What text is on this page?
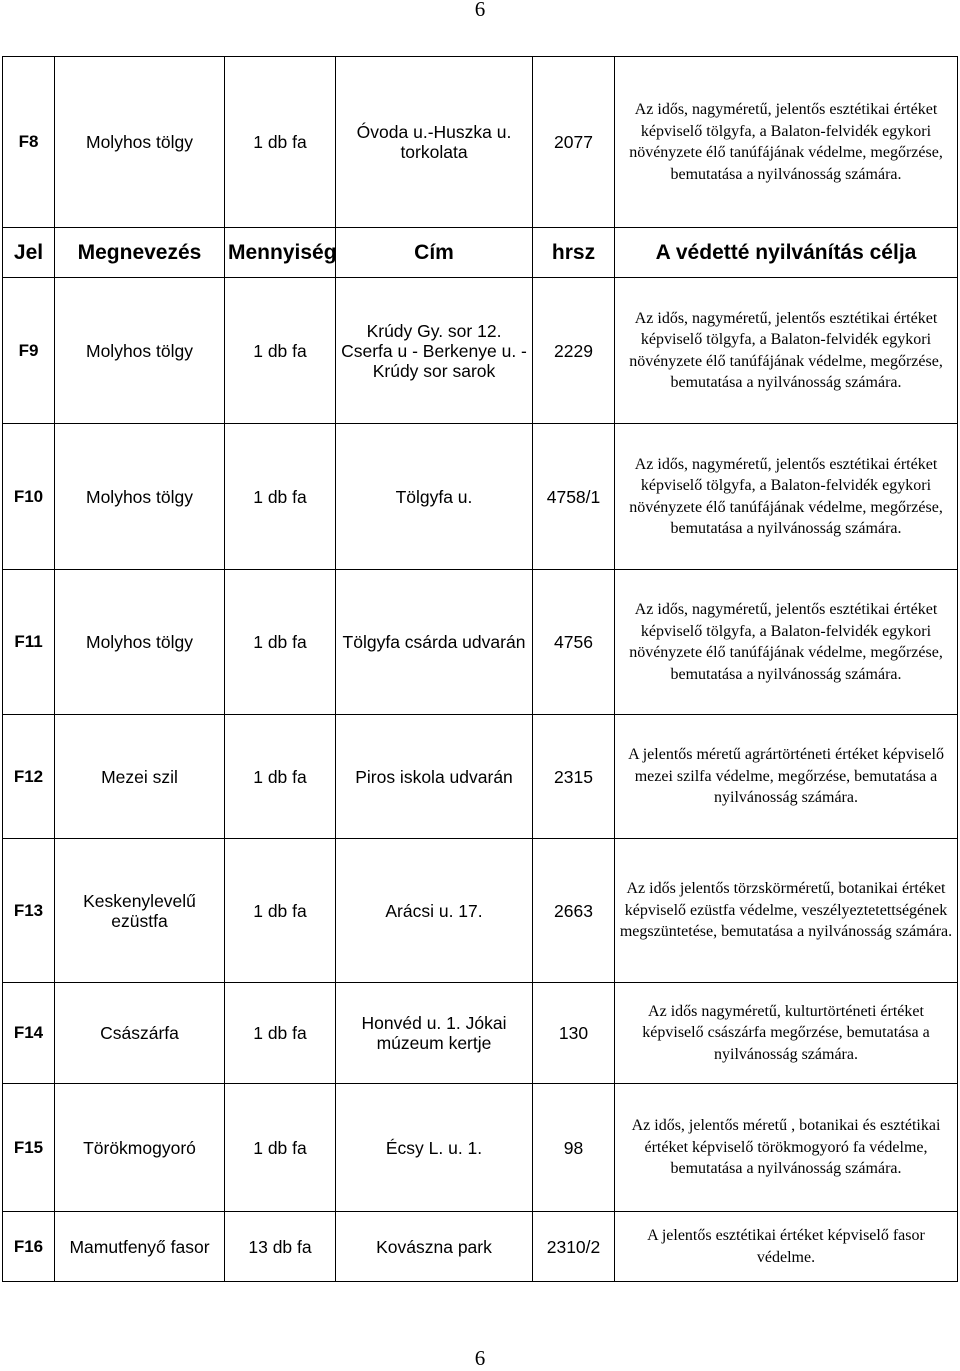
6
F8	Molyhos tölgy	1 db fa	Óvoda u.-Huszka u. torkolata	2077	Az idős, nagyméretű, jelentős esztétikai értéket képviselő tölgyfa, a Balaton-felvidék egykori növényzete élő tanúfájának védelme, megőrzése, bemutatása a nyilvánosság számára.
Jel	Megnevezés	Mennyiség	Cím	hrsz	A védetté nyilvánítás célja
F9	Molyhos tölgy	1 db fa	Krúdy Gy. sor 12. Cserfa u - Berkenye u. - Krúdy sor sarok	2229	Az idős, nagyméretű, jelentős esztétikai értéket képviselő tölgyfa, a Balaton-felvidék egykori növényzete élő tanúfájának védelme, megőrzése, bemutatása a nyilvánosság számára.
F10	Molyhos tölgy	1 db fa	Tölgyfa u.	4758/1	Az idős, nagyméretű, jelentős esztétikai értéket képviselő tölgyfa, a Balaton-felvidék egykori növényzete élő tanúfájának védelme, megőrzése, bemutatása a nyilvánosság számára.
F11	Molyhos tölgy	1 db fa	Tölgyfa csárda udvarán	4756	Az idős, nagyméretű, jelentős esztétikai értéket képviselő tölgyfa, a Balaton-felvidék egykori növényzete élő tanúfájának védelme, megőrzése, bemutatása a nyilvánosság számára.
F12	Mezei szil	1 db fa	Piros iskola udvarán	2315	A jelentős méretű agrártörténeti értéket képviselő mezei szilfa védelme, megőrzése, bemutatása a nyilvánosság számára.
F13	Keskenylevelű ezüstfa	1 db fa	Arácsi u. 17.	2663	Az idős jelentős törzskörméretű, botanikai értéket képviselő ezüstfa védelme, veszélyeztetettségének megszüntetése, bemutatása a nyilvánosság számára.
F14	Császárfa	1 db fa	Honvéd u. 1. Jókai múzeum kertje	130	Az idős nagyméretű, kulturtörténeti értéket képviselő császárfa megőrzése, bemutatása a nyilvánosság számára.
F15	Törökmogyoró	1 db fa	Écsy L. u. 1.	98	Az idős, jelentős méretű , botanikai és esztétikai értéket képviselő törökmogyoró fa védelme, bemutatása a nyilvánosság számára.
F16	Mamutfenyő fasor	13 db fa	Kovászna park	2310/2	A jelentős esztétikai értéket képviselő fasor védelme.
6
